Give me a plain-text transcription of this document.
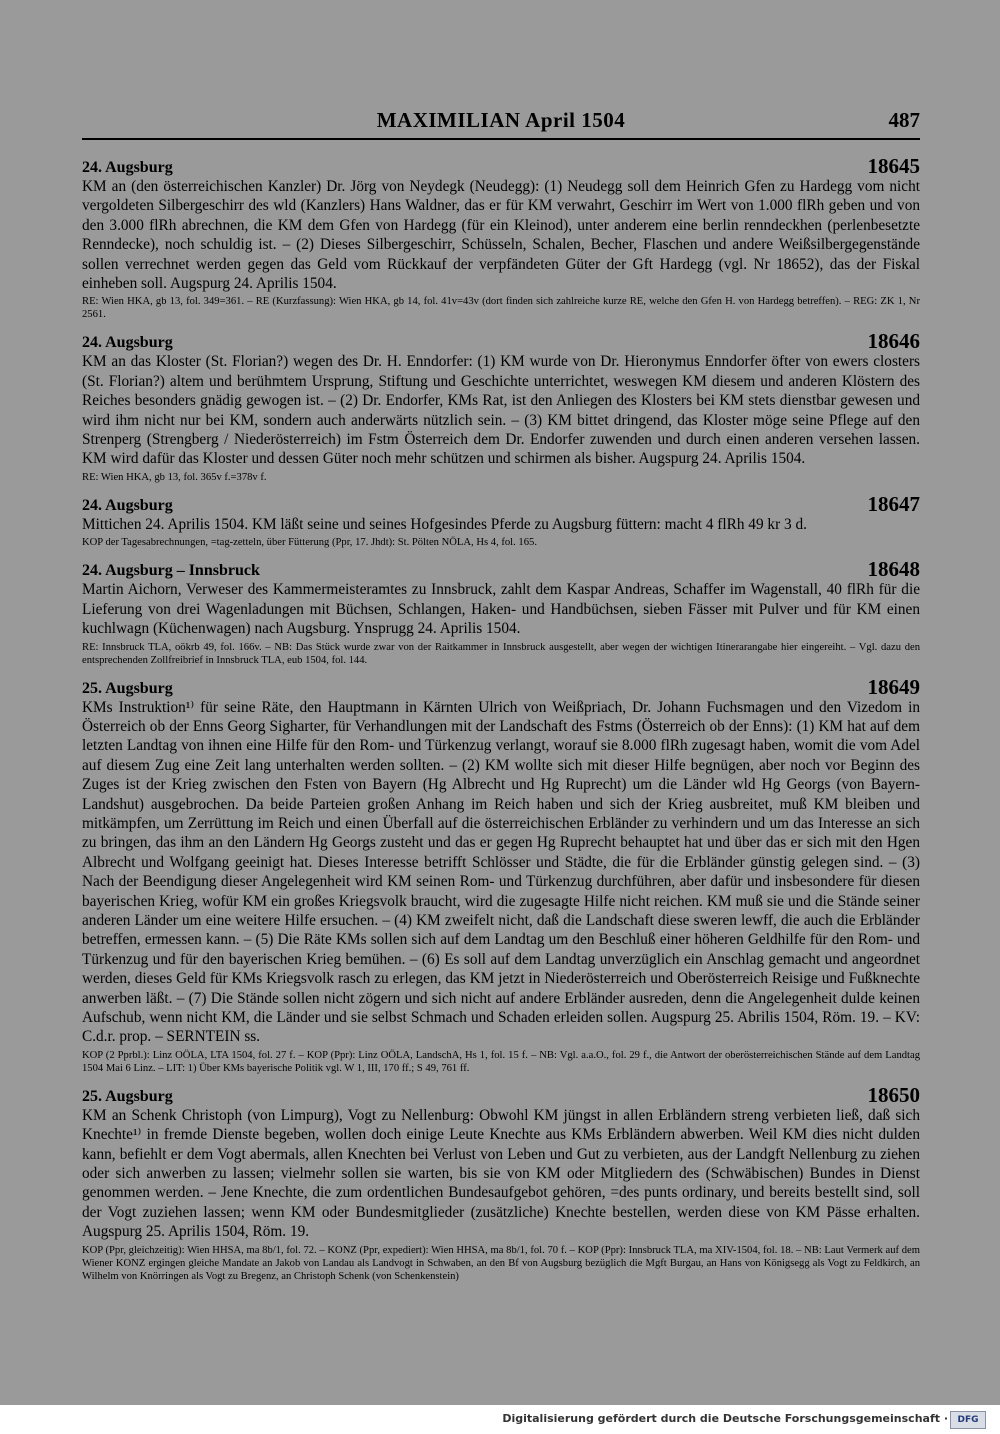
MAXIMILIAN April 1504	487
24. Augsburg	18645

KM an (den österreichischen Kanzler) Dr. Jörg von Neydegk (Neudegg): (1) Neudegg soll dem Heinrich Gfen zu Hardegg vom nicht vergoldeten Silbergeschirr des wld (Kanzlers) Hans Waldner, das er für KM verwahrt, Geschirr im Wert von 1.000 flRh geben und von den 3.000 flRh abrechnen, die KM dem Gfen von Hardegg (für ein Kleinod), unter anderem eine berlin renndeckhen (perlenbesetzte Renndecke), noch schuldig ist. – (2) Dieses Silbergeschirr, Schüsseln, Schalen, Becher, Flaschen und andere Weißsilbergegenstände sollen verrechnet werden gegen das Geld vom Rückkauf der verpfändeten Güter der Gft Hardegg (vgl. Nr 18652), das der Fiskal einheben soll. Augspurg 24. Aprilis 1504.

RE: Wien HKA, gb 13, fol. 349=361. – RE (Kurzfassung): Wien HKA, gb 14, fol. 41v=43v (dort finden sich zahlreiche kurze RE, welche den Gfen H. von Hardegg betreffen). – REG: ZK 1, Nr 2561.

24. Augsburg	18646

KM an das Kloster (St. Florian?) wegen des Dr. H. Enndorfer: (1) KM wurde von Dr. Hieronymus Enndorfer öfter von ewers closters (St. Florian?) altem und berühmtem Ursprung, Stiftung und Geschichte unterrichtet, weswegen KM diesem und anderen Klöstern des Reiches besonders gnädig gewogen ist. – (2) Dr. Endorfer, KMs Rat, ist den Anliegen des Klosters bei KM stets dienstbar gewesen und wird ihm nicht nur bei KM, sondern auch anderwärts nützlich sein. – (3) KM bittet dringend, das Kloster möge seine Pflege auf den Strenperg (Strengberg / Niederösterreich) im Fstm Österreich dem Dr. Endorfer zuwenden und durch einen anderen versehen lassen. KM wird dafür das Kloster und dessen Güter noch mehr schützen und schirmen als bisher. Augspurg 24. Aprilis 1504.

RE: Wien HKA, gb 13, fol. 365v f.=378v f.

24. Augsburg	18647

Mittichen 24. Aprilis 1504. KM läßt seine und seines Hofgesindes Pferde zu Augsburg füttern: macht 4 flRh 49 kr 3 d.

KOP der Tagesabrechnungen, =tag-zetteln, über Fütterung (Ppr, 17. Jhdt): St. Pölten NÖLA, Hs 4, fol. 165.

24. Augsburg – Innsbruck	18648

Martin Aichorn, Verweser des Kammermeisteramtes zu Innsbruck, zahlt dem Kaspar Andreas, Schaffer im Wagenstall, 40 flRh für die Lieferung von drei Wagenladungen mit Büchsen, Schlangen, Haken- und Handbüchsen, sieben Fässer mit Pulver und für KM einen kuchlwagn (Küchenwagen) nach Augsburg. Ynsprugg 24. Aprilis 1504.

RE: Innsbruck TLA, oökrb 49, fol. 166v. – NB: Das Stück wurde zwar von der Raitkammer in Innsbruck ausgestellt, aber wegen der wichtigen Itinerarangabe hier eingereiht. – Vgl. dazu den entsprechenden Zollfreibrief in Innsbruck TLA, eub 1504, fol. 144.

25. Augsburg	18649

KMs Instruktion¹⁾ für seine Räte, den Hauptmann in Kärnten Ulrich von Weißpriach, Dr. Johann Fuchsmagen und den Vizedom in Österreich ob der Enns Georg Sigharter, für Verhandlungen mit der Landschaft des Fstms (Österreich ob der Enns): (1) KM hat auf dem letzten Landtag von ihnen eine Hilfe für den Rom- und Türkenzug verlangt, worauf sie 8.000 flRh zugesagt haben, womit die vom Adel auf diesem Zug eine Zeit lang unterhalten werden sollten. – (2) KM wollte sich mit dieser Hilfe begnügen, aber noch vor Beginn des Zuges ist der Krieg zwischen den Fsten von Bayern (Hg Albrecht und Hg Ruprecht) um die Länder wld Hg Georgs (von Bayern-Landshut) ausgebrochen. Da beide Parteien großen Anhang im Reich haben und sich der Krieg ausbreitet, muß KM bleiben und mitkämpfen, um Zerrüttung im Reich und einen Überfall auf die österreichischen Erbländer zu verhindern und um das Interesse an sich zu bringen, das ihm an den Ländern Hg Georgs zusteht und das er gegen Hg Ruprecht behauptet hat und über das er sich mit den Hgen Albrecht und Wolfgang geeinigt hat. Dieses Interesse betrifft Schlösser und Städte, die für die Erbländer günstig gelegen sind. – (3) Nach der Beendigung dieser Angelegenheit wird KM seinen Rom- und Türkenzug durchführen, aber dafür und insbesondere für diesen bayerischen Krieg, wofür KM ein großes Kriegsvolk braucht, wird die zugesagte Hilfe nicht reichen. KM muß sie und die Stände seiner anderen Länder um eine weitere Hilfe ersuchen. – (4) KM zweifelt nicht, daß die Landschaft diese sweren lewff, die auch die Erbländer betreffen, ermessen kann. – (5) Die Räte KMs sollen sich auf dem Landtag um den Beschluß einer höheren Geldhilfe für den Rom- und Türkenzug und für den bayerischen Krieg bemühen. – (6) Es soll auf dem Landtag unverzüglich ein Anschlag gemacht und angeordnet werden, dieses Geld für KMs Kriegsvolk rasch zu erlegen, das KM jetzt in Niederösterreich und Oberösterreich Reisige und Fußknechte anwerben läßt. – (7) Die Stände sollen nicht zögern und sich nicht auf andere Erbländer ausreden, denn die Angelegenheit dulde keinen Aufschub, wenn nicht KM, die Länder und sie selbst Schmach und Schaden erleiden sollen. Augspurg 25. Abrilis 1504, Röm. 19. – KV: C.d.r. prop. – SERNTEIN ss.

KOP (2 Pprbl.): Linz OÖLA, LTA 1504, fol. 27 f. – KOP (Ppr): Linz OÖLA, LandschA, Hs 1, fol. 15 f. – NB: Vgl. a.a.O., fol. 29 f., die Antwort der oberösterreichischen Stände auf dem Landtag 1504 Mai 6 Linz. – LIT: 1) Über KMs bayerische Politik vgl. W 1, III, 170 ff.; S 49, 761 ff.

25. Augsburg	18650

KM an Schenk Christoph (von Limpurg), Vogt zu Nellenburg: Obwohl KM jüngst in allen Erbländern streng verbieten ließ, daß sich Knechte¹⁾ in fremde Dienste begeben, wollen doch einige Leute Knechte aus KMs Erbländern abwerben. Weil KM dies nicht dulden kann, befiehlt er dem Vogt abermals, allen Knechten bei Verlust von Leben und Gut zu verbieten, aus der Landgft Nellenburg zu ziehen oder sich anwerben zu lassen; vielmehr sollen sie warten, bis sie von KM oder Mitgliedern des (Schwäbischen) Bundes in Dienst genommen werden. – Jene Knechte, die zum ordentlichen Bundesaufgebot gehören, =des punts ordinary, und bereits bestellt sind, soll der Vogt zuziehen lassen; wenn KM oder Bundesmitglieder (zusätzliche) Knechte bestellen, werden diese von KM Pässe erhalten. Augspurg 25. Aprilis 1504, Röm. 19.

KOP (Ppr, gleichzeitig): Wien HHSA, ma 8b/1, fol. 72. – KONZ (Ppr, expediert): Wien HHSA, ma 8b/1, fol. 70 f. – KOP (Ppr): Innsbruck TLA, ma XIV-1504, fol. 18. – NB: Laut Vermerk auf dem Wiener KONZ ergingen gleiche Mandate an Jakob von Landau als Landvogt in Schwaben, an den Bf von Augsburg bezüglich die Mgft Burgau, an Hans von Königsegg als Vogt zu Feldkirch, an Wilhelm von Knörringen als Vogt zu Bregenz, an Christoph Schenk (von Schenkenstein)

Digitalisierung gefördert durch die Deutsche Forschungsgemeinschaft ·	DFG
